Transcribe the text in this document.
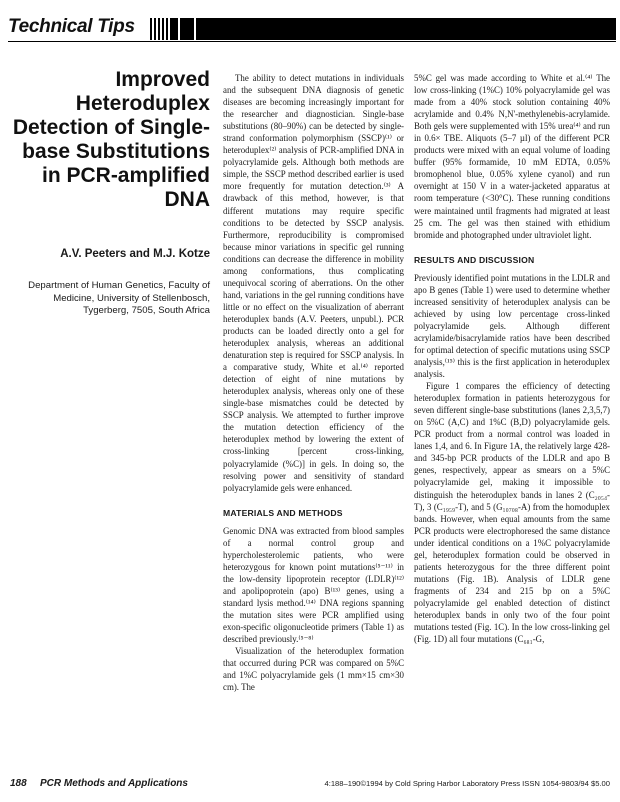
Technical Tips
Improved Heteroduplex Detection of Single-base Substitutions in PCR-amplified DNA
A.V. Peeters and M.J. Kotze
Department of Human Genetics, Faculty of Medicine, University of Stellenbosch, Tygerberg, 7505, South Africa

The ability to detect mutations in individuals and the subsequent DNA diagnosis of genetic diseases are becoming increasingly important for the researcher and diagnostician. Single-base substitutions (80–90%) can be detected by single-strand conformation polymorphism (SSCP)⁽¹⁾ or heteroduplex⁽²⁾ analysis of PCR-amplified DNA in polyacrylamide gels. Although both methods are simple, the SSCP method described earlier is used more frequently for mutation detection.⁽³⁾ A drawback of this method, however, is that different mutations may require specific conditions to be detected by SSCP analysis. Furthermore, reproducibility is compromised because minor variations in specific gel running conditions can decrease the difference in mobility among conformations, thus complicating unequivocal scoring of aberrations. On the other hand, variations in the gel running conditions have little or no effect on the visualization of aberrant heteroduplex bands (A.V. Peeters, unpubl.). PCR products can be loaded directly onto a gel for heteroduplex analysis, whereas an additional denaturation step is required for SSCP analysis. In a comparative study, White et al.⁽⁴⁾ reported detection of eight of nine mutations by heteroduplex analysis, whereas only one of these single-base mismatches could be detected by SSCP analysis. We attempted to further improve the mutation detection efficiency of the heteroduplex method by lowering the extent of cross-linking [percent cross-linking, polyacrylamide (%C)] in gels. In doing so, the resolving power and sensitivity of standard polyacrylamide gels were enhanced.

MATERIALS AND METHODS

Genomic DNA was extracted from blood samples of a normal control group and hypercholesterolemic patients, who were heterozygous for known point mutations⁽⁵⁻¹¹⁾ in the low-density lipoprotein receptor (LDLR)⁽¹²⁾ and apolipoprotein (apo) B⁽¹³⁾ genes, using a standard lysis method.⁽¹⁴⁾ DNA regions spanning the mutation sites were PCR amplified using exon-specific oligonucleotide primers (Table 1) as described previously.⁽⁵⁻⁸⁾

Visualization of the heteroduplex formation that occurred during PCR was compared on 5%C and 1%C polyacrylamide gels (1 mm×15 cm×30 cm). The

5%C gel was made according to White et al.⁽⁴⁾ The low cross-linking (1%C) 10% polyacrylamide gel was made from a 40% stock solution containing 40% acrylamide and 0.4% N,N'-methylenebis-acrylamide. Both gels were supplemented with 15% urea⁽⁴⁾ and run in 0.6× TBE. Aliquots (5–7 µl) of the different PCR products were mixed with an equal volume of loading buffer (95% formamide, 10 mM EDTA, 0.05% bromophenol blue, 0.05% xylene cyanol) and run overnight at 150 V in a water-jacketed apparatus at room temperature (<30°C). These running conditions were maintained until fragments had migrated at least 25 cm. The gel was then stained with ethidium bromide and photographed under ultraviolet light.

RESULTS AND DISCUSSION

Previously identified point mutations in the LDLR and apo B genes (Table 1) were used to determine whether increased sensitivity of heteroduplex analysis can be achieved by using low percentage cross-linked polyacrylamide gels. Although different acrylamide/bisacrylamide ratios have been described for optimal detection of specific mutations using SSCP analysis,⁽¹⁵⁾ this is the first application in heteroduplex analysis.

Figure 1 compares the efficiency of detecting heteroduplex formation in patients heterozygous for seven different single-base substitutions (lanes 2,3,5,7) on 5%C (A,C) and 1%C (B,D) polyacrylamide gels. PCR product from a normal control was loaded in lanes 1,4, and 6. In Figure 1A, the relatively large 428- and 345-bp PCR products of the LDLR and apo B genes, respectively, appear as smears on a 5%C polyacrylamide gel, making it impossible to distinguish the heteroduplex bands in lanes 2 (C₂₀₅₄-T), 3 (C₁₉₅₉-T), and 5 (G₁₀₇₀₈-A) from the homoduplex bands. However, when equal amounts from the same PCR products were electrophoresed the same distance under identical conditions on a 1%C polyacrylamide gel, heteroduplex formation could be observed in patients heterozygous for the three different point mutations (Fig. 1B). Analysis of LDLR gene fragments of 234 and 215 bp on a 5%C polyacrylamide gel enabled detection of distinct heteroduplex bands in only two of the four point mutations tested (Fig. 1C). In the low cross-linking gel (Fig. 1D) all four mutations (C₆₈₁-G,

188 PCR Methods and Applications	4:188–190©1994 by Cold Spring Harbor Laboratory Press ISSN 1054-9803/94 $5.00
